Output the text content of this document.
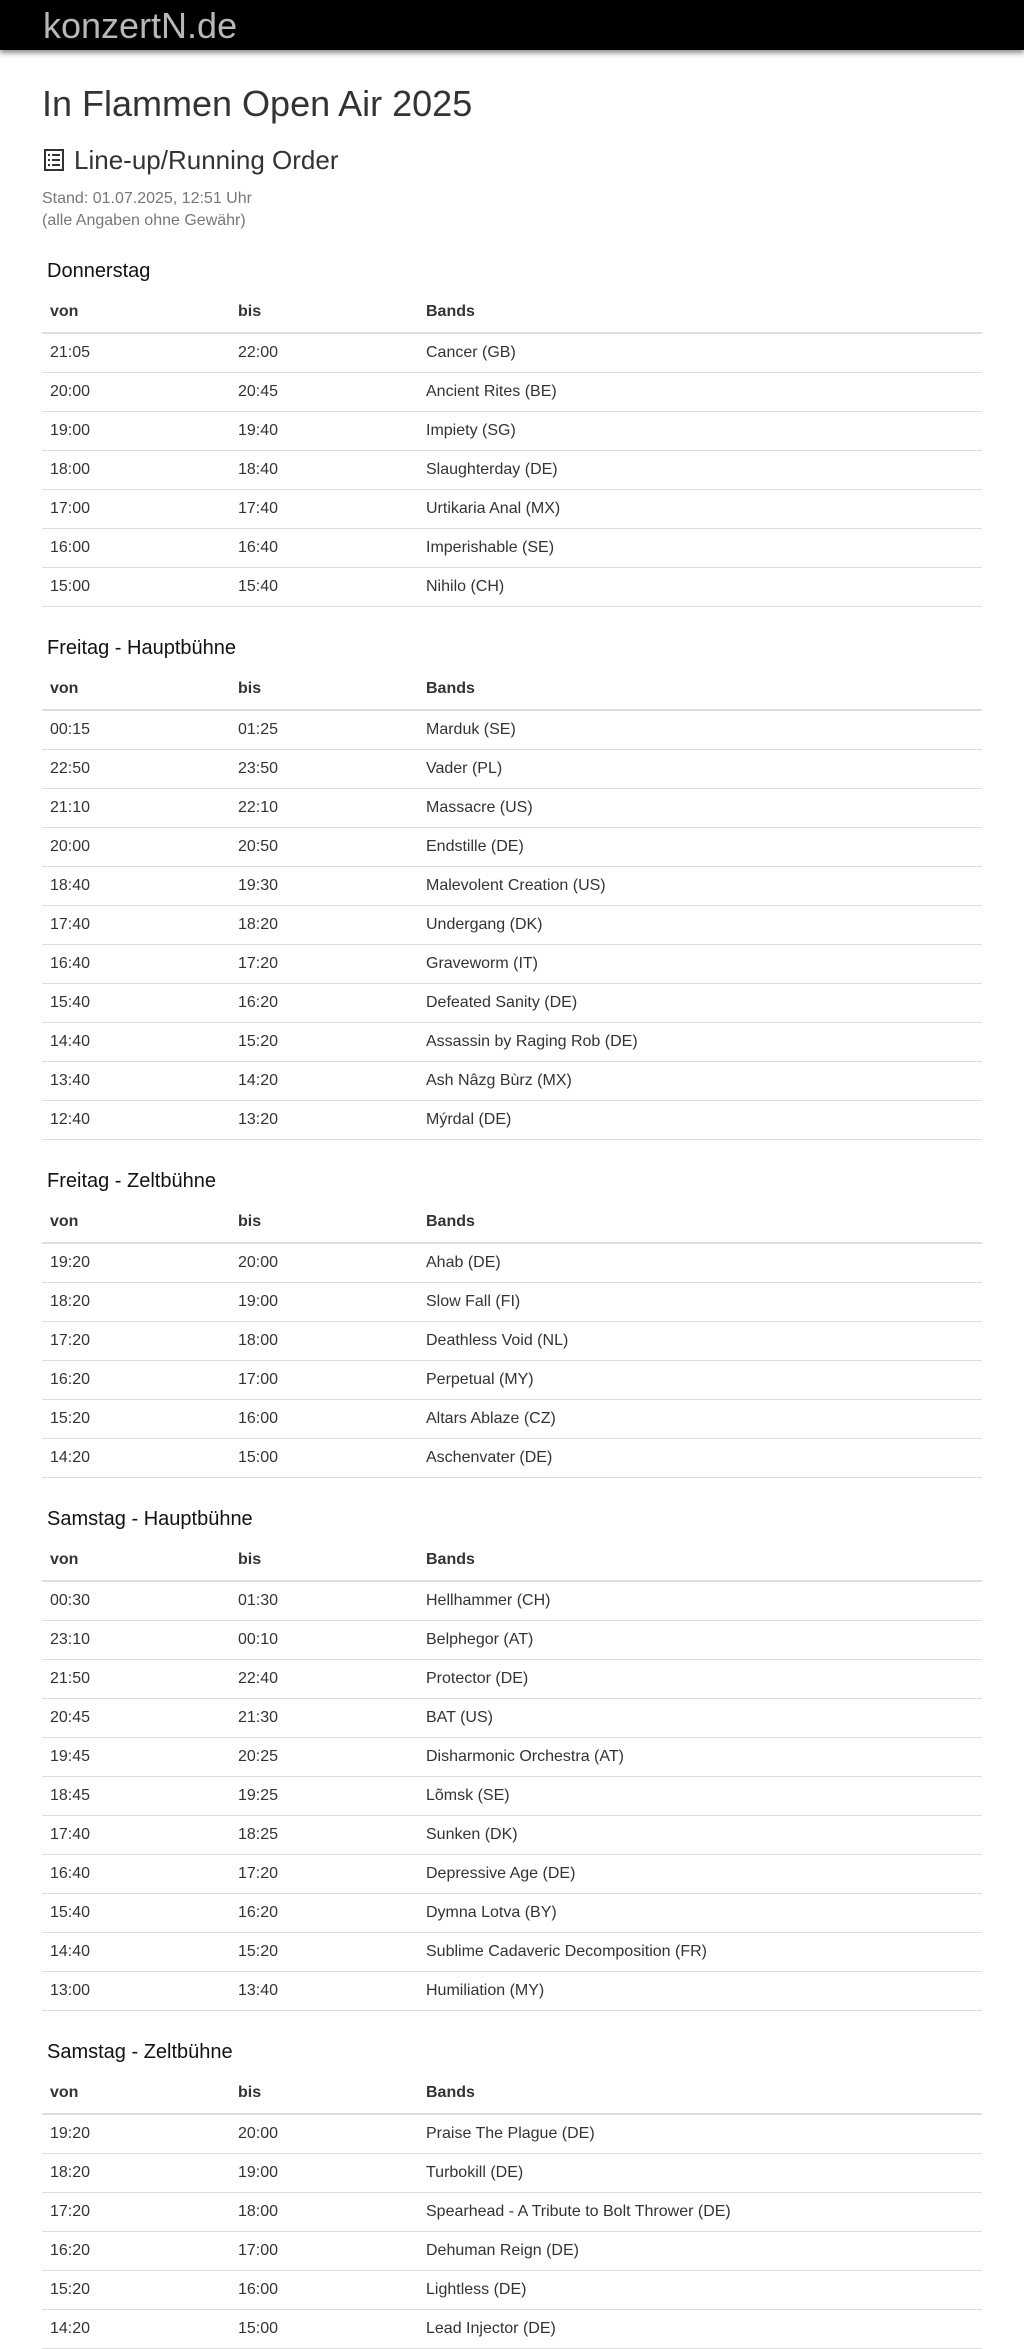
konzertN.de
In Flammen Open Air 2025
Line-up/Running Order
Stand: 01.07.2025, 12:51 Uhr
(alle Angaben ohne Gewähr)
Donnerstag
von	bis	Bands
21:05	22:00	Cancer (GB)
20:00	20:45	Ancient Rites (BE)
19:00	19:40	Impiety (SG)
18:00	18:40	Slaughterday (DE)
17:00	17:40	Urtikaria Anal (MX)
16:00	16:40	Imperishable (SE)
15:00	15:40	Nihilo (CH)
Freitag - Hauptbühne
von	bis	Bands
00:15	01:25	Marduk (SE)
22:50	23:50	Vader (PL)
21:10	22:10	Massacre (US)
20:00	20:50	Endstille (DE)
18:40	19:30	Malevolent Creation (US)
17:40	18:20	Undergang (DK)
16:40	17:20	Graveworm (IT)
15:40	16:20	Defeated Sanity (DE)
14:40	15:20	Assassin by Raging Rob (DE)
13:40	14:20	Ash Nâzg Bùrz (MX)
12:40	13:20	Mýrdal (DE)
Freitag - Zeltbühne
von	bis	Bands
19:20	20:00	Ahab (DE)
18:20	19:00	Slow Fall (FI)
17:20	18:00	Deathless Void (NL)
16:20	17:00	Perpetual (MY)
15:20	16:00	Altars Ablaze (CZ)
14:20	15:00	Aschenvater (DE)
Samstag - Hauptbühne
von	bis	Bands
00:30	01:30	Hellhammer (CH)
23:10	00:10	Belphegor (AT)
21:50	22:40	Protector (DE)
20:45	21:30	BAT (US)
19:45	20:25	Disharmonic Orchestra (AT)
18:45	19:25	Lõmsk (SE)
17:40	18:25	Sunken (DK)
16:40	17:20	Depressive Age (DE)
15:40	16:20	Dymna Lotva (BY)
14:40	15:20	Sublime Cadaveric Decomposition (FR)
13:00	13:40	Humiliation (MY)
Samstag - Zeltbühne
von	bis	Bands
19:20	20:00	Praise The Plague (DE)
18:20	19:00	Turbokill (DE)
17:20	18:00	Spearhead - A Tribute to Bolt Thrower (DE)
16:20	17:00	Dehuman Reign (DE)
15:20	16:00	Lightless (DE)
14:20	15:00	Lead Injector (DE)
